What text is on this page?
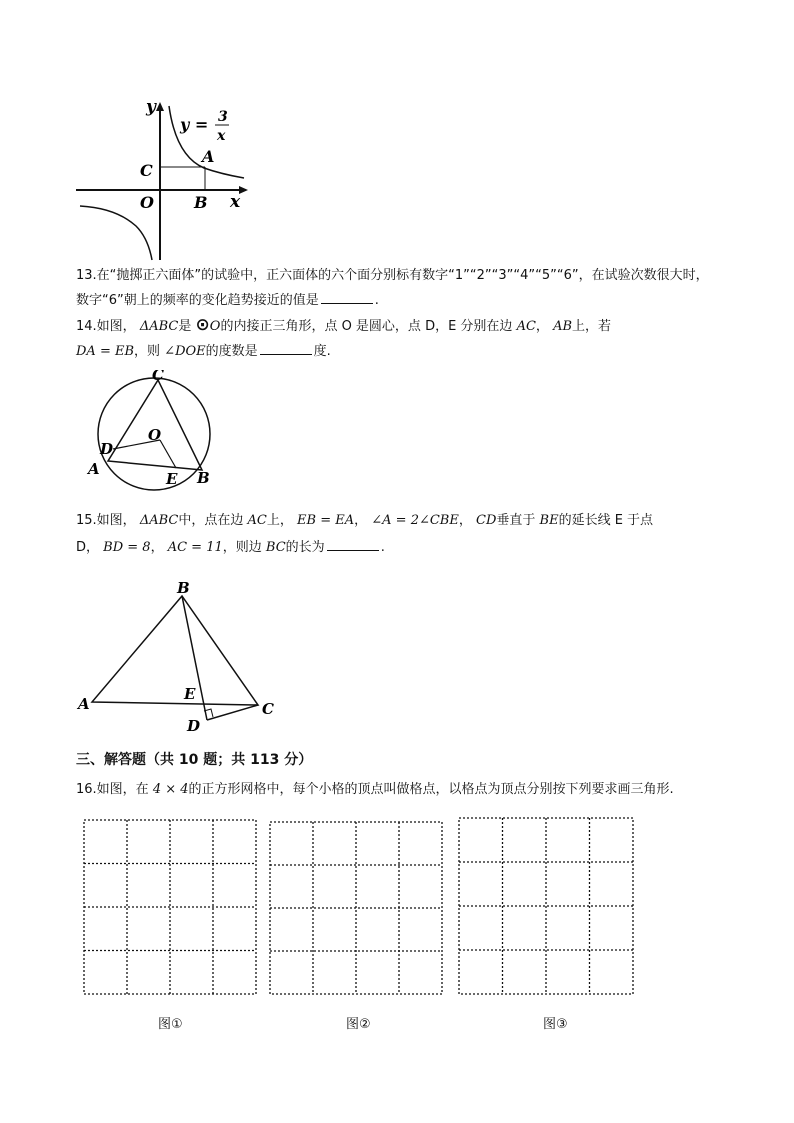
y
x
y = 3
x
A
B
C
O
13.在“抛掷正六面体”的试验中，正六面体的六个面分别标有数字“1”“2”“3”“4”“5”“6”，在试验次数很大时，
数字“6”朝上的频率的变化趋势接近的值是	.
14.如图， ΔABC是 ⊙O的内接正三角形，点 O 是圆心，点 D，E 分别在边 AC， AB上，若
DA = EB，则 ∠DOE的度数是	度.
C
O
D
A
E B
15.如图， ΔABC中，点在边 AC上， EB = EA， ∠A = 2∠CBE， CD垂直于 BE的延长线 E 于点
D， BD = 8， AC = 11，则边 BC的长为	.
B
A
E
D
C
三、解答题（共 10 题；共 113 分）
16.如图，在 4 × 4的正方形网格中，每个小格的顶点叫做格点，以格点为顶点分别按下列要求画三角形.
图①	图②	图③
